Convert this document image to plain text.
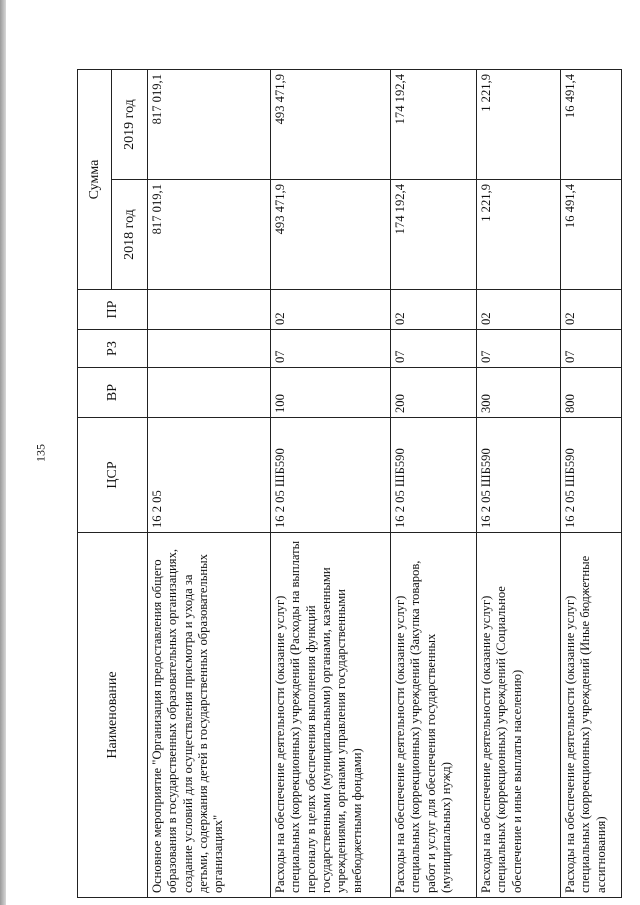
135
Наименование	ЦСР	ВР	РЗ	ПР	Сумма	
					2018 год	2019 год
Основное мероприятие "Организация предоставления общего образования в государственных образовательных организациях, создание условий для осуществления присмотра и ухода за детьми, содержания детей в государственных образовательных организациях"	16 2 05				817 019,1	817 019,1
Расходы на обеспечение деятельности (оказание услуг) специальных (коррекционных) учреждений (Расходы на выплаты персоналу в целях обеспечения выполнения функций государственными (муниципальными) органами, казенными учреждениями, органами управления государственными внебюджетными фондами)	16 2 05 ШБ590	100	07	02	493 471,9	493 471,9
Расходы на обеспечение деятельности (оказание услуг) специальных (коррекционных) учреждений (Закупка товаров, работ и услуг для обеспечения государственных (муниципальных) нужд)	16 2 05 ШБ590	200	07	02	174 192,4	174 192,4
Расходы на обеспечение деятельности (оказание услуг) специальных (коррекционных) учреждений (Социальное обеспечение и иные выплаты населению)	16 2 05 ШБ590	300	07	02	1 221,9	1 221,9
Расходы на обеспечение деятельности (оказание услуг) специальных (коррекционных) учреждений (Иные бюджетные ассигнования)	16 2 05 ШБ590	800	07	02	16 491,4	16 491,4
